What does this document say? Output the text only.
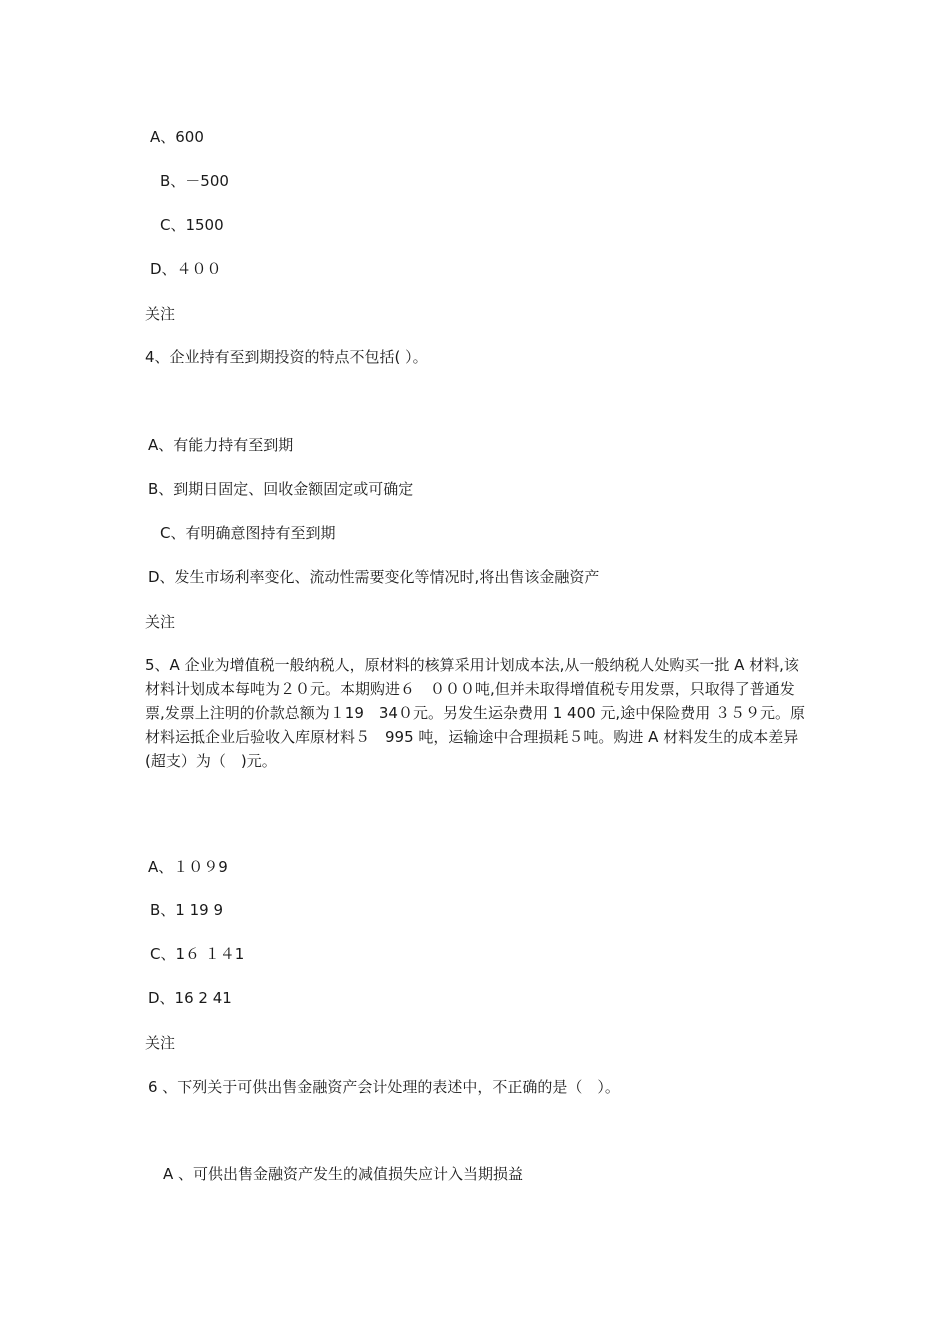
A、600
B、－500
C、1500
D、４００
关注
4、企业持有至到期投资的特点不包括( ）。
A、有能力持有至到期
B、到期日固定、回收金额固定或可确定
C、有明确意图持有至到期
D、发生市场利率变化、流动性需要变化等情况时,将出售该金融资产
关注
5、A 企业为增值税一般纳税人，原材料的核算采用计划成本法,从一般纳税人处购买一批 A 材料,该材料计划成本每吨为２０元。本期购进６　０００吨,但并未取得增值税专用发票，只取得了普通发票,发票上注明的价款总额为１19　34０元。另发生运杂费用 1 400 元,途中保险费用 ３５９元。原材料运抵企业后验收入库原材料５　995 吨，运输途中合理损耗５吨。购进 A 材料发生的成本差异(超支）为（　)元。
A、１０９9
B、1 19 9
C、1６ １４1
D、16 2 41
关注
6 、下列关于可供出售金融资产会计处理的表述中，不正确的是（　）。
A 、可供出售金融资产发生的减值损失应计入当期损益
